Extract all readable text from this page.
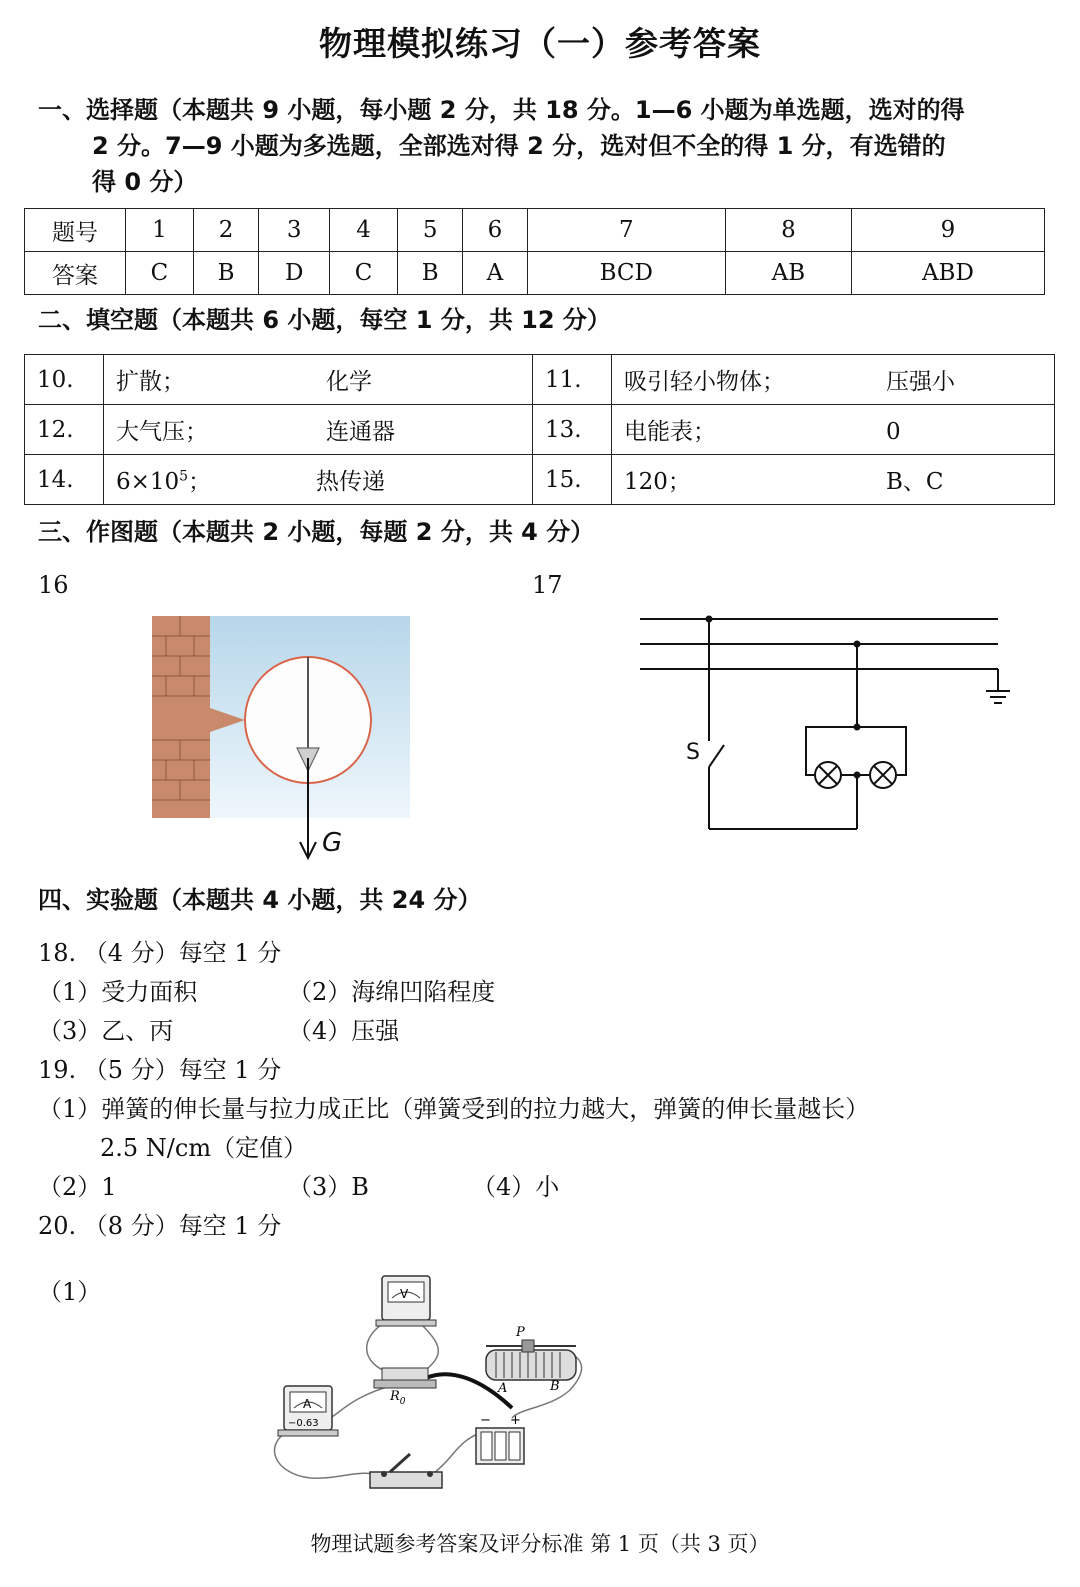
物理模拟练习（一）参考答案
一、选择题（本题共 9 小题，每小题 2 分，共 18 分。1—6 小题为单选题，选对的得
2 分。7—9 小题为多选题，全部选对得 2 分，选对但不全的得 1 分，有选错的
得 0 分）
题号	1	2	3	4	5	6	7	8	9
答案	C	B	D	C	B	A	BCD	AB	ABD
二、填空题（本题共 6 小题，每空 1 分，共 12 分）
10.	扩散； 化学	11.	吸引轻小物体； 压强小
12.	大气压； 连通器	13.	电能表； 0
14.	$6\times 10^5$； 热传递	15.	120； B、C
三、作图题（本题共 2 小题，每题 2 分，共 4 分）
16	17
G
S
四、实验题（本题共 4 小题，共 24 分）
18. （4 分）每空 1 分
（1）受力面积	（2）海绵凹陷程度
（3）乙、丙	（4）压强
19. （5 分）每空 1 分
（1）弹簧的伸长量与拉力成正比（弹簧受到的拉力越大，弹簧的伸长量越长）
2.5 N/cm（定值）
（2）1	（3）B	（4）小
20. （8 分）每空 1 分
（1）	V
A
−0.63
$R_0$
P
A	B
− +
物理试题参考答案及评分标准 第 1 页（共 3 页）
